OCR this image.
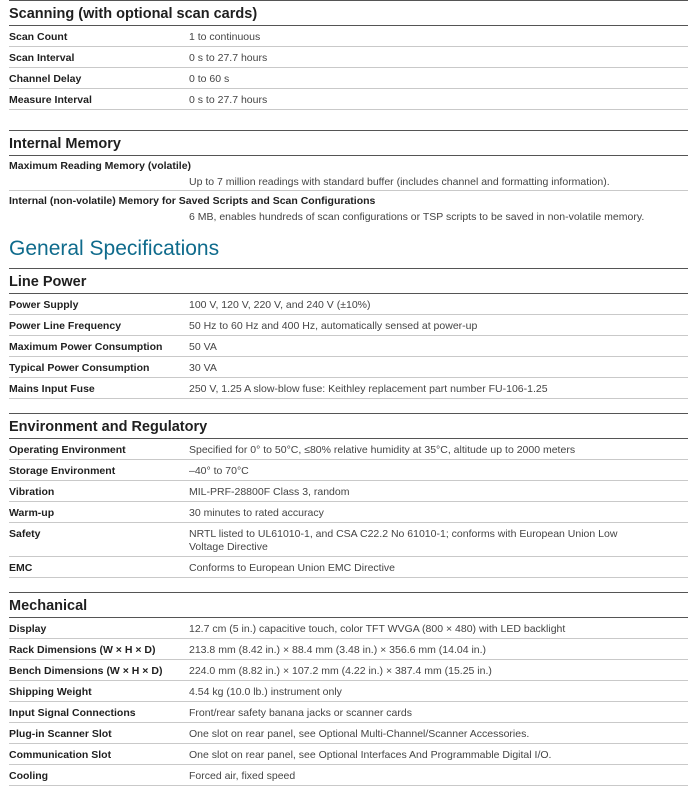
Scanning (with optional scan cards)
Scan Count	1 to continuous
Scan Interval	0 s to 27.7 hours
Channel Delay	0 to 60 s
Measure Interval	0 s to 27.7 hours
Internal Memory
Maximum Reading Memory (volatile)
Up to 7 million readings with standard buffer (includes channel and formatting information).
Internal (non-volatile) Memory for Saved Scripts and Scan Configurations
6 MB, enables hundreds of scan configurations or TSP scripts to be saved in non-volatile memory.
General Specifications
Line Power
Power Supply	100 V, 120 V, 220 V, and 240 V (±10%)
Power Line Frequency	50 Hz to 60 Hz and 400 Hz, automatically sensed at power-up
Maximum Power Consumption	50 VA
Typical Power Consumption	30 VA
Mains Input Fuse	250 V, 1.25 A slow-blow fuse: Keithley replacement part number FU-106-1.25
Environment and Regulatory
Operating Environment	Specified for 0° to 50°C, ≤80% relative humidity at 35°C, altitude up to 2000 meters
Storage Environment	–40° to 70°C
Vibration	MIL-PRF-28800F Class 3, random
Warm-up	30 minutes to rated accuracy
Safety	NRTL listed to UL61010-1, and CSA C22.2 No 61010-1; conforms with European Union Low Voltage Directive
EMC	Conforms to European Union EMC Directive
Mechanical
Display	12.7 cm (5 in.) capacitive touch, color TFT WVGA (800 × 480) with LED backlight
Rack Dimensions (W × H × D)	213.8 mm (8.42 in.) × 88.4 mm (3.48 in.) × 356.6 mm (14.04 in.)
Bench Dimensions (W × H × D)	224.0 mm (8.82 in.) × 107.2 mm (4.22 in.) × 387.4 mm (15.25 in.)
Shipping Weight	4.54 kg (10.0 lb.) instrument only
Input Signal Connections	Front/rear safety banana jacks or scanner cards
Plug-in Scanner Slot	One slot on rear panel, see Optional Multi-Channel/Scanner Accessories.
Communication Slot	One slot on rear panel, see Optional Interfaces And Programmable Digital I/O.
Cooling	Forced air, fixed speed
